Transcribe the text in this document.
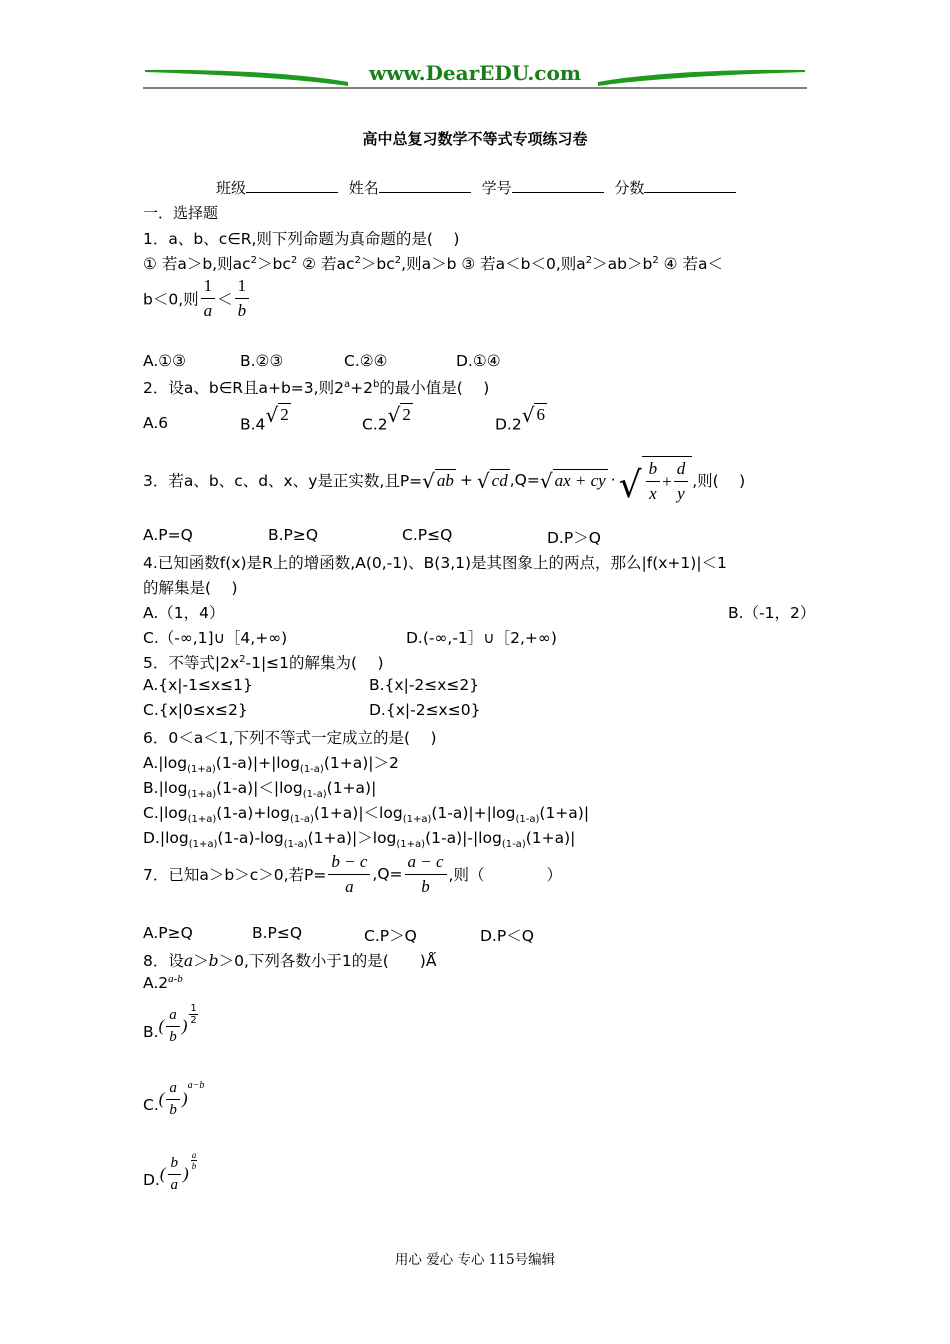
www.DearEDU.com
高中总复习数学不等式专项练习卷
班级	姓名	学号	分数
一．选择题
1．a、b、c∈R,则下列命题为真命题的是(　 )
① 若a＞b,则$ac^2>bc^2$ ② 若$ac^2>bc^2$,则a＞b ③ 若a＜b＜0,则$a^2>ab>b^2$ ④ 若a＜
b＜0,则 $\frac{1}{a} < \frac{1}{b}$
A.①③	B.②③	C.②④	D.①④
2．设a、b∈R且a+b=3,则$2^a+2^b$的最小值是(　 )
A.6	B.4 √ 2
C.2 √ 2
D.2 √ 6
3．若a、b、c、d、x、y是正实数,且P= √ ab + √ cd ,Q= √ ax + cy · √ $\frac{b}{x} + \frac{d}{y}$ ,则(　 )
A.P=Q	B.P≥Q	C.P≤Q	D.P＞Q
4.已知函数f(x)是R上的增函数,A(0,-1)、B(3,1)是其图象上的两点，那么|f(x+1)|＜1
的解集是(　 )
A.（1，4）	B.（-1，2）
C.（-∞,1]∪［4,+∞)	D.(-∞,-1］∪［2,+∞)
5．不等式$|2x^2-1|\le 1$的解集为(　 )
A.{x|-1≤x≤1}	B.{x|-2≤x≤2}
C.{x|0≤x≤2}	D.{x|-2≤x≤0}
6．0＜a＜1,下列不等式一定成立的是(　 )
$A.|\log_{(1+a)}(1-a)|+|\log_{(1-a)}(1+a)|>2$
$B.|\log_{(1+a)}(1-a)|<|\log_{(1-a)}(1+a)|$
$C.|\log_{(1+a)}(1-a)+\log_{(1-a)}(1+a)|<\log_{(1+a)}(1-a)|+|\log_{(1-a)}(1+a)|$
$D.|\log_{(1+a)}(1-a)-\log_{(1-a)}(1+a)|>\log_{(1+a)}(1-a)|-|\log_{(1-a)}(1+a)|$
7．已知a＞b＞c＞0,若$P= \frac{b - c}{a} ,Q= \frac{a - c}{b}$ ,则（　　　　）
A.P≥Q	B.P≤Q	C.P＞Q	D.P＜Q
8．设a＞b＞0,下列各数小于1的是(　　)Ǻ
A.2$^{a-b}$
B. ( $\frac{a}{b}$ ) $\frac{1}{2}$
C. ( $\frac{a}{b}$ )
a−b
D. ( $\frac{b}{a}$ )
$\frac{a}{b}$
用心 爱心 专心 115号编辑
